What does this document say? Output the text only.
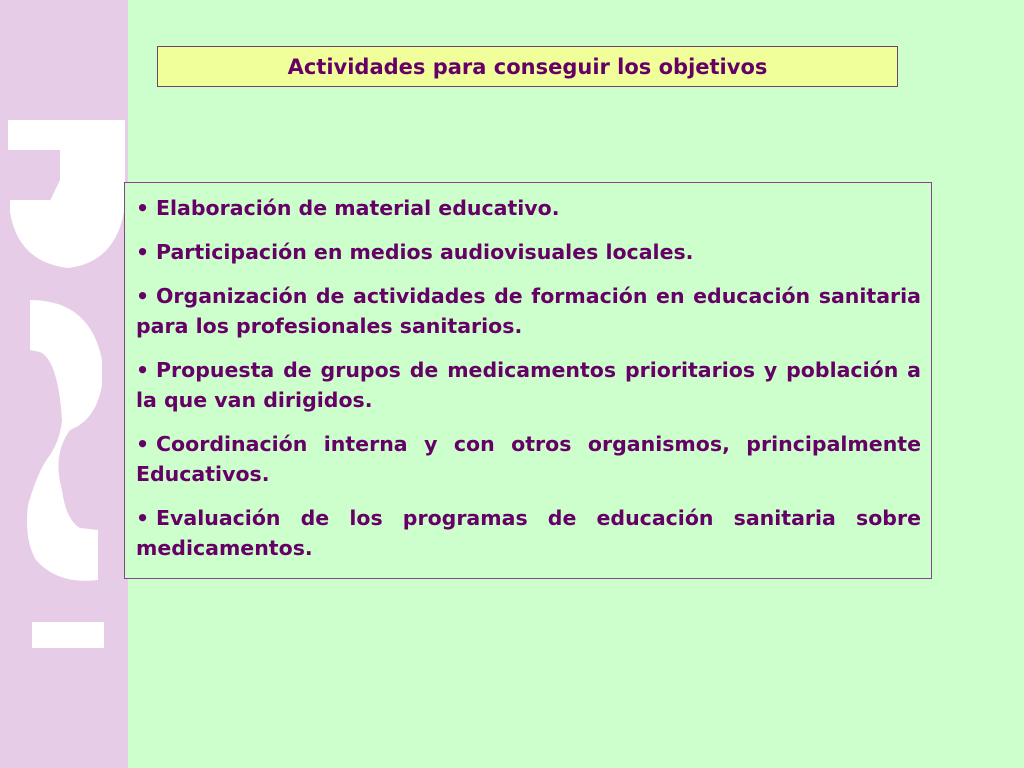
Actividades para conseguir los objetivos
• Elaboración de material educativo.
• Participación en medios audiovisuales locales.
• Organización de actividades de formación en educación sanitaria para los profesionales sanitarios.
• Propuesta de grupos de medicamentos prioritarios y población a la que van dirigidos.
• Coordinación interna y con otros organismos, principalmente Educativos.
• Evaluación de los programas de educación sanitaria sobre medicamentos.
